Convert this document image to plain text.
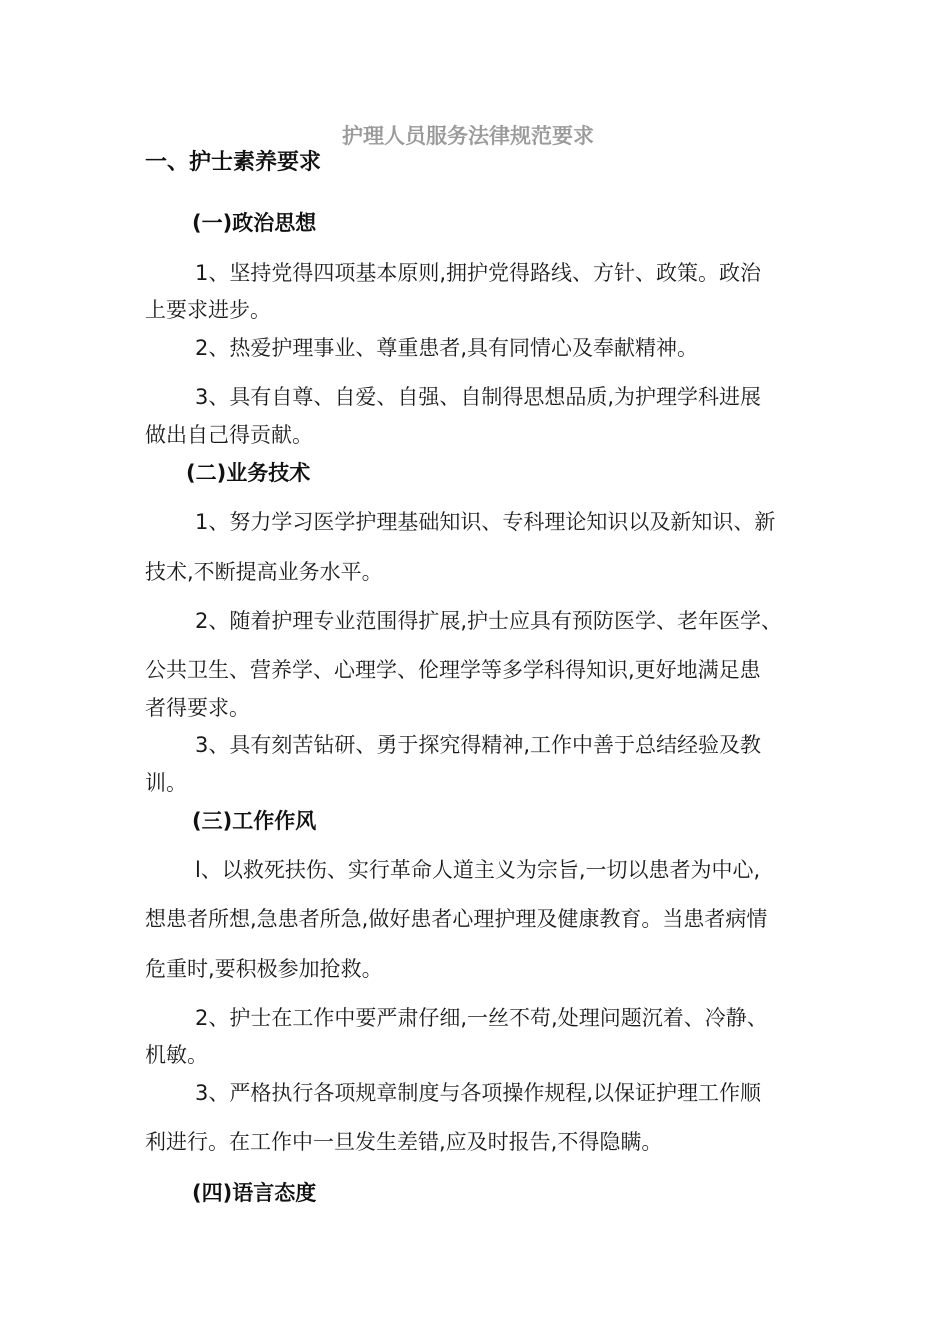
护理人员服务法律规范要求

一、护士素养要求

(一)政治思想

1、坚持党得四项基本原则,拥护党得路线、方针、政策。政治

上要求进步。

2、热爱护理事业、尊重患者,具有同情心及奉献精神。

3、具有自尊、自爱、自强、自制得思想品质,为护理学科进展

做出自己得贡献。

(二)业务技术

1、努力学习医学护理基础知识、专科理论知识以及新知识、新

技术,不断提高业务水平。

2、随着护理专业范围得扩展,护士应具有预防医学、老年医学、

公共卫生、营养学、心理学、伦理学等多学科得知识,更好地满足患

者得要求。

3、具有刻苦钻研、勇于探究得精神,工作中善于总结经验及教

训。

(三)工作作风

l、以救死扶伤、实行革命人道主义为宗旨,一切以患者为中心,

想患者所想,急患者所急,做好患者心理护理及健康教育。当患者病情

危重时,要积极参加抢救。

2、护士在工作中要严肃仔细,一丝不苟,处理问题沉着、冷静、

机敏。

3、严格执行各项规章制度与各项操作规程,以保证护理工作顺

利进行。在工作中一旦发生差错,应及时报告,不得隐瞒。

(四)语言态度
